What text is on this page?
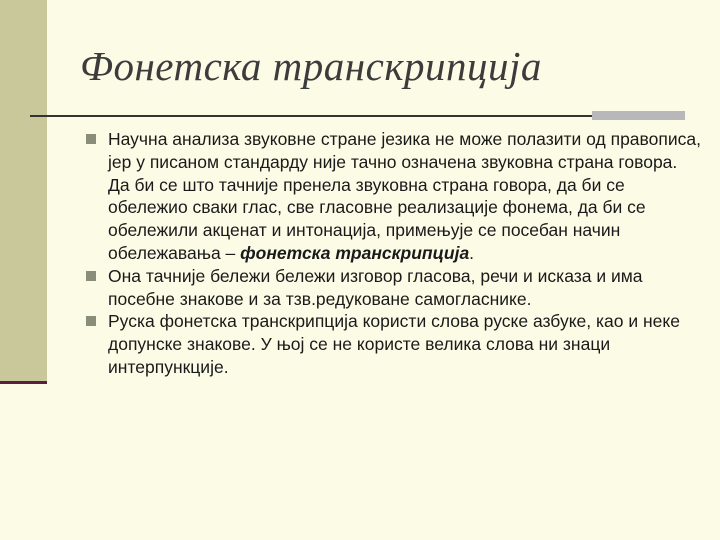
Фонетска транскрипција
Научна анализа звуковне стране језика не може полазити од правописа, јер у писаном стандарду није тачно означена звуковна страна говора. Да би се што тачније пренела звуковна страна говора, да би се обележио сваки глас, све гласовне реализације фонема, да би се обележили акценат и интонација, примењује се посебан начин обележавања – фонетска транскрипција.
Она тачније бележи бележи изговор гласова, речи и исказа и има посебне знакове и за тзв.редуковане самогласнике.
Руска фонетска транскрипција користи слова руске азбуке, као и неке допунске знакове. У њој се не користе велика слова ни знаци интерпункције.
